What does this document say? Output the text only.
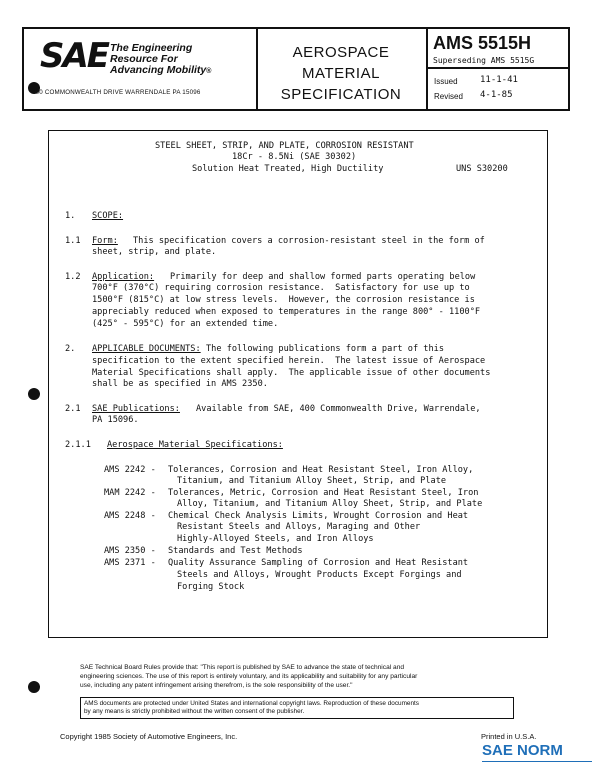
SAE The Engineering
Resource For
Advancing Mobility®
400 COMMONWEALTH DRIVE WARRENDALE PA 15096
AEROSPACE
MATERIAL
SPECIFICATION
AMS 5515H
Superseding AMS 5515G
Issued 11-1-41
Revised 4-1-85
STEEL SHEET, STRIP, AND PLATE, CORROSION RESISTANT
18Cr - 8.5Ni (SAE 30302)
Solution Heat Treated, High Ductility	UNS S30200
1. SCOPE:
1.1 Form: This specification covers a corrosion-resistant steel in the form of
sheet, strip, and plate.
1.2 Application: Primarily for deep and shallow formed parts operating below
700°F (370°C) requiring corrosion resistance.  Satisfactory for use up to
1500°F (815°C) at low stress levels.  However, the corrosion resistance is
appreciably reduced when exposed to temperatures in the range 800° - 1100°F
(425° - 595°C) for an extended time.
2. APPLICABLE DOCUMENTS: The following publications form a part of this
specification to the extent specified herein.  The latest issue of Aerospace
Material Specifications shall apply.  The applicable issue of other documents
shall be as specified in AMS 2350.
2.1 SAE Publications: Available from SAE, 400 Commonwealth Drive, Warrendale,
PA 15096.
2.1.1 Aerospace Material Specifications:
AMS 2242 - Tolerances, Corrosion and Heat Resistant Steel, Iron Alloy,
Titanium, and Titanium Alloy Sheet, Strip, and Plate
MAM 2242 - Tolerances, Metric, Corrosion and Heat Resistant Steel, Iron
Alloy, Titanium, and Titanium Alloy Sheet, Strip, and Plate
AMS 2248 - Chemical Check Analysis Limits, Wrought Corrosion and Heat
Resistant Steels and Alloys, Maraging and Other
Highly-Alloyed Steels, and Iron Alloys
AMS 2350 - Standards and Test Methods
AMS 2371 - Quality Assurance Sampling of Corrosion and Heat Resistant
Steels and Alloys, Wrought Products Except Forgings and
Forging Stock
SAE Technical Board Rules provide that: "This report is published by SAE to advance the state of technical and
engineering sciences. The use of this report is entirely voluntary, and its applicability and suitability for any particular
use, including any patent infringement arising therefrom, is the sole responsibility of the user."
AMS documents are protected under United States and international copyright laws. Reproduction of these documents
by any means is strictly prohibited without the written consent of the publisher.
Copyright 1985 Society of Automotive Engineers, Inc.	Printed in U.S.A.
SAE NORM
